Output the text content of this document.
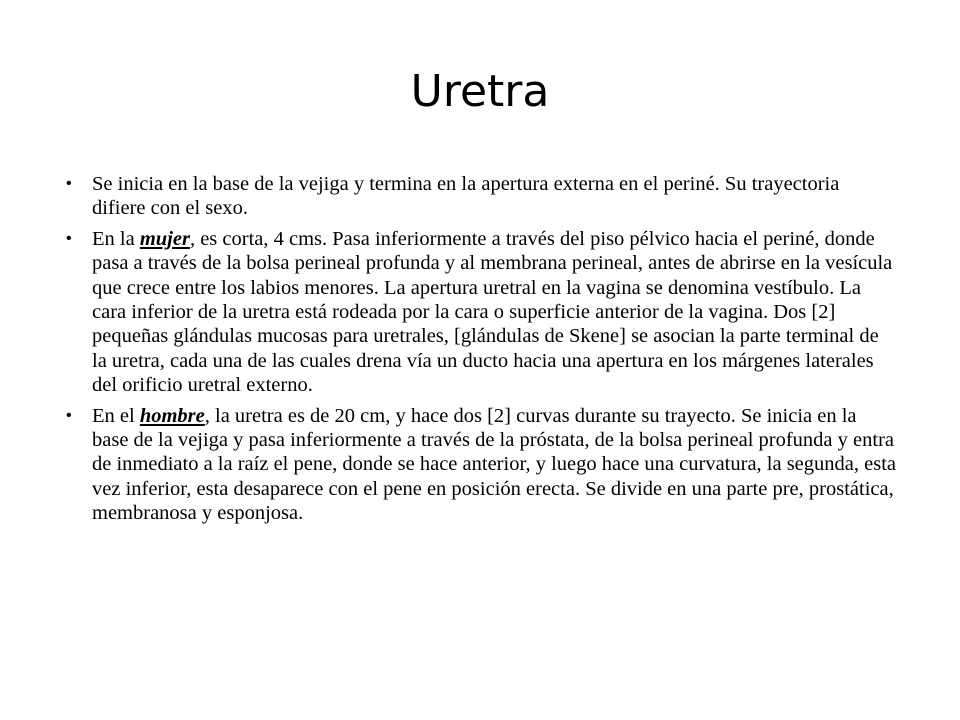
Uretra
• Se inicia en la base de la vejiga y termina en la apertura externa en el periné. Su trayectoria difiere con el sexo.
• En la mujer, es corta, 4 cms. Pasa inferiormente a través del piso pélvico hacia el periné, donde pasa a través de la bolsa perineal profunda y al membrana perineal, antes de abrirse en la vesícula que crece entre los labios menores. La apertura uretral en la vagina se denomina vestíbulo. La cara inferior de la uretra está rodeada por la cara o superficie anterior de la vagina. Dos [2] pequeñas glándulas mucosas para uretrales, [glándulas de Skene] se asocian la parte terminal de la uretra, cada una de las cuales drena vía un ducto hacia una apertura en los márgenes laterales del orificio uretral externo.
• En el hombre, la uretra es de 20 cm, y hace dos [2] curvas durante su trayecto. Se inicia en la base de la vejiga y pasa inferiormente a través de la próstata, de la bolsa perineal profunda y entra de inmediato a la raíz el pene, donde se hace anterior, y luego hace una curvatura, la segunda, esta vez inferior, esta desaparece con el pene en posición erecta. Se divide en una parte pre, prostática, membranosa y esponjosa.
